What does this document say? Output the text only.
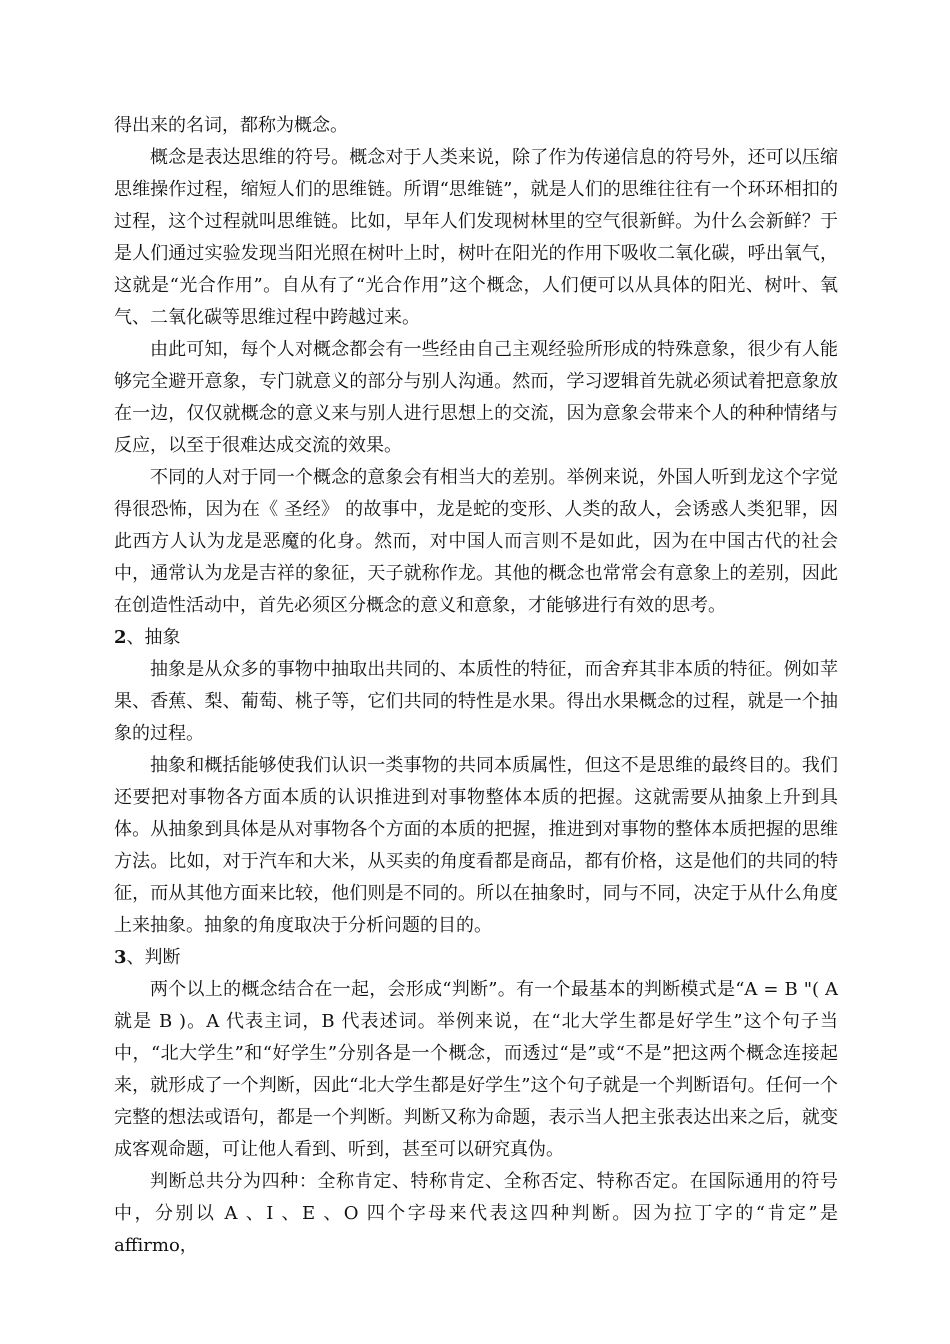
得出来的名词，都称为概念。

概念是表达思维的符号。概念对于人类来说，除了作为传递信息的符号外，还可以压缩思维操作过程，缩短人们的思维链。所谓“思维链”，就是人们的思维往往有一个环环相扣的过程，这个过程就叫思维链。比如，早年人们发现树林里的空气很新鲜。为什么会新鲜？于是人们通过实验发现当阳光照在树叶上时，树叶在阳光的作用下吸收二氧化碳，呼出氧气，这就是“光合作用”。自从有了“光合作用”这个概念，人们便可以从具体的阳光、树叶、氧气、二氧化碳等思维过程中跨越过来。

由此可知，每个人对概念都会有一些经由自己主观经验所形成的特殊意象，很少有人能够完全避开意象，专门就意义的部分与别人沟通。然而，学习逻辑首先就必须试着把意象放在一边，仅仅就概念的意义来与别人进行思想上的交流，因为意象会带来个人的种种情绪与反应，以至于很难达成交流的效果。

不同的人对于同一个概念的意象会有相当大的差别。举例来说，外国人听到龙这个字觉得很恐怖，因为在《 圣经》 的故事中，龙是蛇的变形、人类的敌人，会诱惑人类犯罪，因此西方人认为龙是恶魔的化身。然而，对中国人而言则不是如此，因为在中国古代的社会中，通常认为龙是吉祥的象征，天子就称作龙。其他的概念也常常会有意象上的差别，因此在创造性活动中，首先必须区分概念的意义和意象，才能够进行有效的思考。

2、抽象

抽象是从众多的事物中抽取出共同的、本质性的特征，而舍弃其非本质的特征。例如苹果、香蕉、梨、葡萄、桃子等，它们共同的特性是水果。得出水果概念的过程，就是一个抽象的过程。

抽象和概括能够使我们认识一类事物的共同本质属性，但这不是思维的最终目的。我们还要把对事物各方面本质的认识推进到对事物整体本质的把握。这就需要从抽象上升到具体。从抽象到具体是从对事物各个方面的本质的把握，推进到对事物的整体本质把握的思维方法。比如，对于汽车和大米，从买卖的角度看都是商品，都有价格，这是他们的共同的特征，而从其他方面来比较，他们则是不同的。所以在抽象时，同与不同，决定于从什么角度上来抽象。抽象的角度取决于分析问题的目的。

3、判断

两个以上的概念结合在一起，会形成“判断”。有一个最基本的判断模式是“A = B "( A 就是 B )。A 代表主词，B 代表述词。举例来说，在“北大学生都是好学生”这个句子当中，“北大学生”和“好学生”分别各是一个概念，而透过“是”或“不是”把这两个概念连接起来，就形成了一个判断，因此“北大学生都是好学生”这个句子就是一个判断语句。任何一个完整的想法或语句，都是一个判断。判断又称为命题，表示当人把主张表达出来之后，就变成客观命题，可让他人看到、听到，甚至可以研究真伪。

判断总共分为四种：全称肯定、特称肯定、全称否定、特称否定。在国际通用的符号中，分别以 A 、I 、E 、O 四个字母来代表这四种判断。因为拉丁字的“肯定”是 affirmo，
